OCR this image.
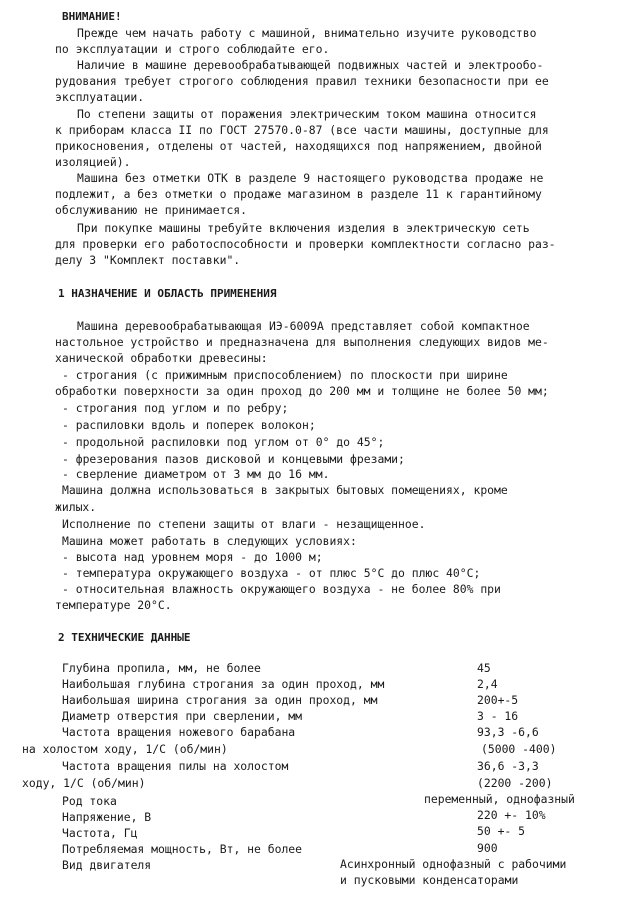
ВНИМАНИЕ!
Прежде чем начать работу с машиной, внимательно изучите руководство
по эксплуатации и строго соблюдайте его.
Наличие в машине деревообрабатывающей подвижных частей и электрообо-
рудования требует строгого соблюдения правил техники безопасности при ее
эксплуатации.
По степени защиты от поражения электрическим током машина относится
к приборам класса II по ГОСТ 27570.0-87 (все части машины, доступные для
прикосновения, отделены от частей, находящихся под напряжением, двойной
изоляцией).
Машина без отметки ОТК в разделе 9 настоящего руководства продаже не
подлежит, а без отметки о продаже магазином в разделе 11 к гарантийному
обслуживанию не принимается.
При покупке машины требуйте включения изделия в электрическую сеть
для проверки его работоспособности и проверки комплектности согласно раз-
делу 3 "Комплект поставки".
1 НАЗНАЧЕНИЕ И ОБЛАСТЬ ПРИМЕНЕНИЯ
Машина деревообрабатывающая ИЭ-6009А представляет собой компактное
настольное устройство и предназначена для выполнения следующих видов ме-
ханической обработки древесины:
- строгания (с прижимным приспособлением) по плоскости при ширине
обработки поверхности за один проход до 200 мм и толщине не более 50 мм;
- строгания под углом и по ребру;
- распиловки вдоль и поперек волокон;
- продольной распиловки под углом от 0° до 45°;
- фрезерования пазов дисковой и концевыми фрезами;
- сверление диаметром от 3 мм до 16 мм.
Машина должна использоваться в закрытых бытовых помещениях, кроме
жилых.
Исполнение по степени защиты от влаги - незащищенное.
Машина может работать в следующих условиях:
- высота над уровнем моря - до 1000 м;
- температура окружающего воздуха - от плюс 5°С до плюс 40°С;
- относительная влажность окружающего воздуха - не более 80% при
температуре 20°С.
2 ТЕХНИЧЕСКИЕ ДАННЫЕ
Глубина пропила, мм, не более
Наибольшая глубина строгания за один проход, мм
Наибольшая ширина строгания за один проход, мм
Диаметр отверстия при сверлении, мм
Частота вращения ножевого барабана
на холостом ходу, 1/С (об/мин)
Частота вращения пилы на холостом
ходу, 1/С (об/мин)
Род тока
Напряжение, В
Частота, Гц
Потребляемая мощность, Вт, не более
Вид двигателя
45
2,4
200+-5
3 - 16
93,3 -6,6
(5000 -400)
36,6 -3,3
(2200 -200)
переменный, однофазный
220 +- 10%
50 +- 5
900
Асинхронный однофазный с рабочими
и пусковыми конденсаторами
